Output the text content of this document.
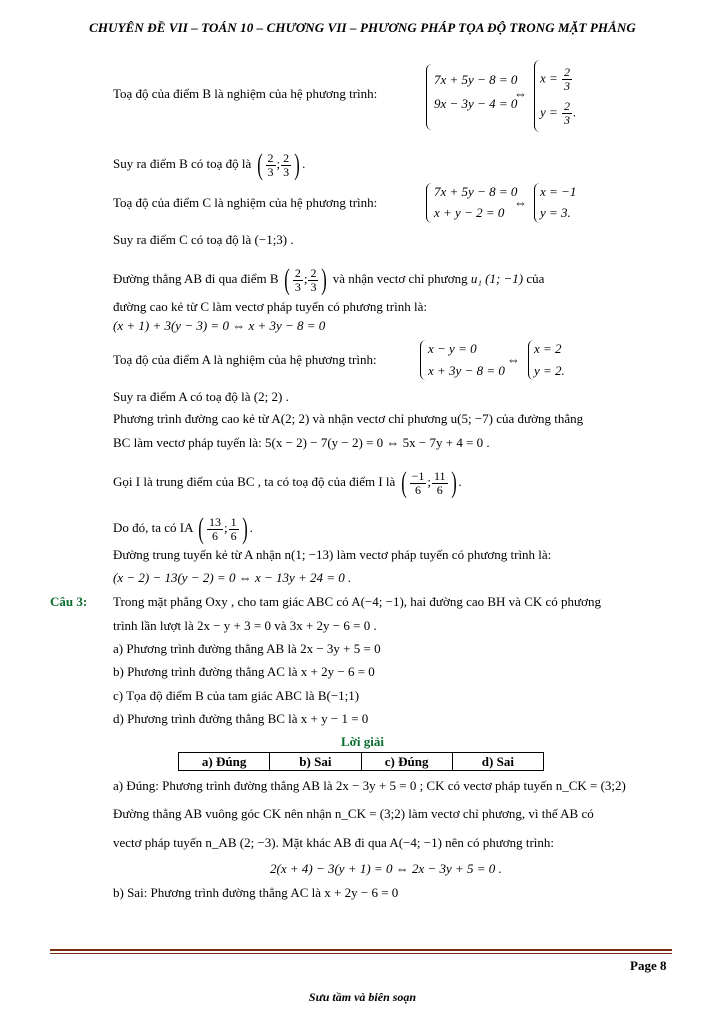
CHUYÊN ĐỀ VII – TOÁN 10 – CHƯƠNG VII – PHƯƠNG PHÁP TỌA ĐỘ TRONG MẶT PHẲNG
Toạ độ của điểm B là nghiệm của hệ phương trình:
7x + 5y − 8 = 0
9x − 3y − 4 = 0
⇔
$x = \frac{2}{3}$
$y = \frac{2}{3}$ .
Suy ra điểm B có toạ độ là ( $\frac{2}{3}$ ; $\frac{2}{3}$ ) .
Toạ độ của điểm C là nghiệm của hệ phương trình:
7x + 5y − 8 = 0
x + y − 2 = 0
⇔
x = −1
y = 3.
Suy ra điểm C có toạ độ là (−1;3) .
Đường thẳng AB đi qua điểm B ( $\frac{2}{3}$ ; $\frac{2}{3}$ ) và nhận vectơ chỉ phương u₁ (1; −1) của
đường cao kẻ từ C làm vectơ pháp tuyến có phương trình là:
(x + 1) + 3(y − 3) = 0 ⇔ x + 3y − 8 = 0
Toạ độ của điểm A là nghiệm của hệ phương trình:
x − y = 0
x + 3y − 8 = 0
⇔
x = 2
y = 2.
Suy ra điểm A có toạ độ là (2; 2) .
Phương trình đường cao kẻ từ A(2; 2) và nhận vectơ chỉ phương u(5; −7) của đường thẳng
BC làm vectơ pháp tuyến là: 5(x − 2) − 7(y − 2) = 0 ⇔ 5x − 7y + 4 = 0 .
Gọi I là trung điểm của BC , ta có toạ độ của điểm I là ( $\frac{-1}{6}$ ; $\frac{11}{6}$ ) .
Do đó, ta có IA ( $\frac{13}{6}$ ; $\frac{1}{6}$ ) .
Đường trung tuyến kẻ từ A nhận n(1; −13) làm vectơ pháp tuyến có phương trình là:
(x − 2) − 13(y − 2) = 0 ⇔ x − 13y + 24 = 0 .
Câu 3: Trong mặt phẳng Oxy , cho tam giác ABC có A(−4; −1), hai đường cao BH và CK có phương
trình lần lượt là 2x − y + 3 = 0 và 3x + 2y − 6 = 0 .
a) Phương trình đường thẳng AB là 2x − 3y + 5 = 0
b) Phương trình đường thẳng AC là x + 2y − 6 = 0
c) Tọa độ điểm B của tam giác ABC là B(−1;1)
d) Phương trình đường thẳng BC là x + y − 1 = 0
Lời giải
a) Đúng	b) Sai	c) Đúng	d) Sai
a) Đúng: Phương trình đường thẳng AB là 2x − 3y + 5 = 0 ; CK có vectơ pháp tuyến n_CK = (3;2)
Đường thẳng AB vuông góc CK nên nhận n_CK = (3;2) làm vectơ chỉ phương, vì thế AB có
vectơ pháp tuyến n_AB (2; −3). Mặt khác AB đi qua A(−4; −1) nên có phương trình:
2(x + 4) − 3(y + 1) = 0 ⇔ 2x − 3y + 5 = 0 .
b) Sai: Phương trình đường thẳng AC là x + 2y − 6 = 0
Page 8
Sưu tầm và biên soạn
